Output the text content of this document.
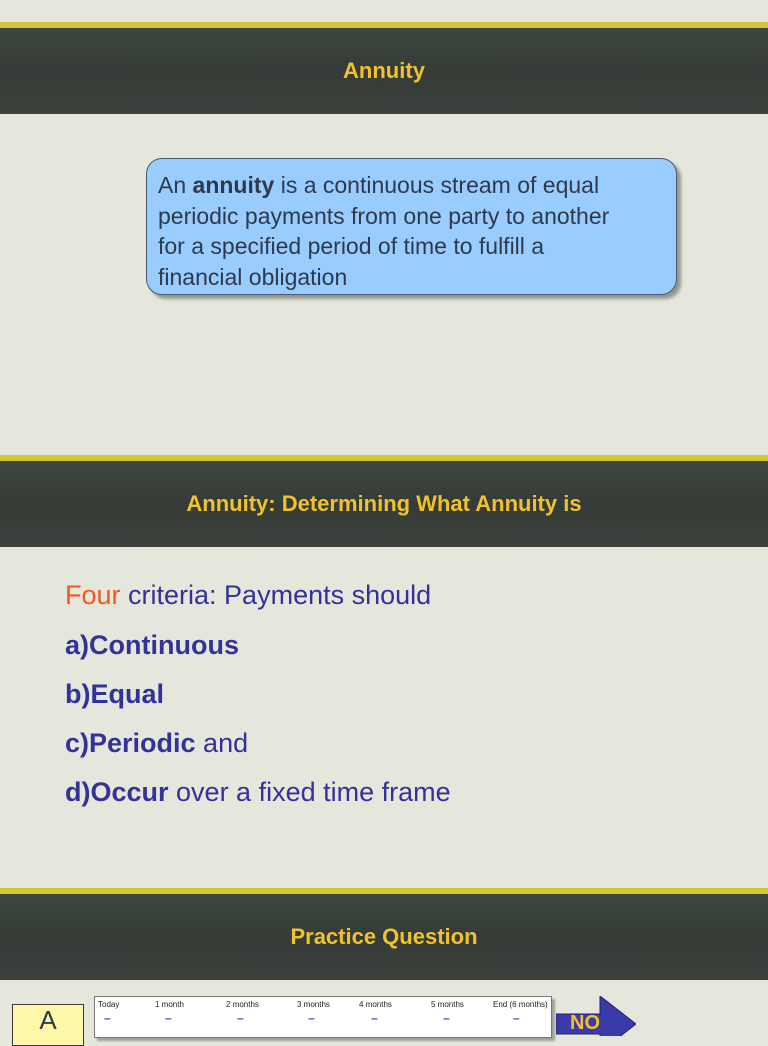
Annuity
An annuity is a continuous stream of equal
periodic payments from one party to another
for a specified period of time to fulfill a
financial obligation
Annuity: Determining What Annuity is
Four criteria: Payments should
a)Continuous
b)Equal
c)Periodic and
d)Occur over a fixed time frame
Practice Question
A
Today	1 month	2 months	3 months	4 months	5 months	End (6 months)
–	–	–	–	–	–	–	NO
